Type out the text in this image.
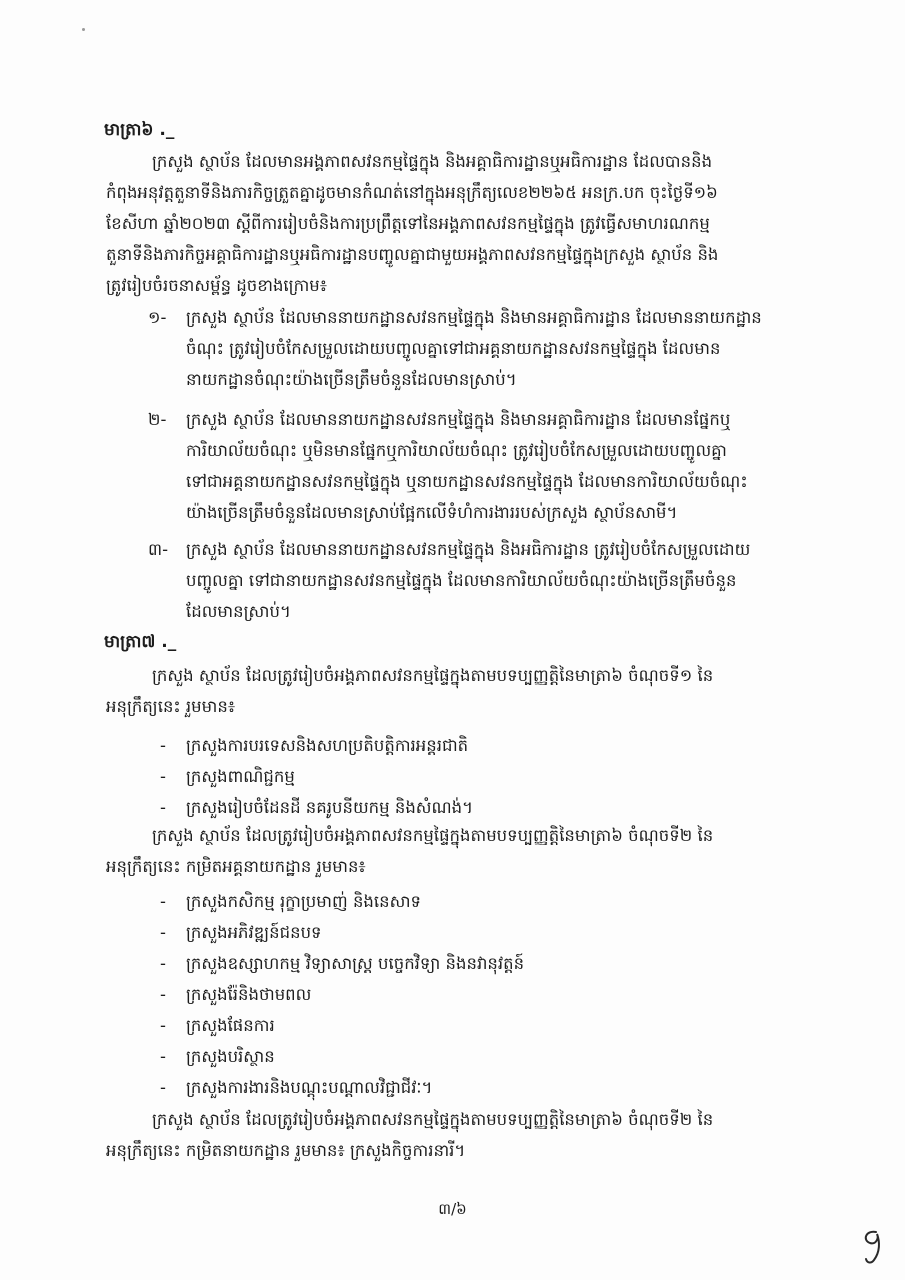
មាត្រា៦ ._
ក្រសួង ស្ថាប័ន ដែលមានអង្គភាពសវនកម្មផ្ទៃក្នុង និងអគ្គាធិការដ្ឋានឬអធិការដ្ឋាន ដែលបាននិង
កំពុងអនុវត្តតួនាទីនិងភារកិច្ចត្រួតគ្នាដូចមានកំណត់នៅក្នុងអនុក្រឹត្យលេខ២២៦៥ អនក្រ.បក ចុះថ្ងៃទី១៦
ខែសីហា ឆ្នាំ២០២៣ ស្តីពីការរៀបចំនិងការប្រព្រឹត្តទៅនៃអង្គភាពសវនកម្មផ្ទៃក្នុង ត្រូវធ្វើសមាហរណកម្ម
តួនាទីនិងភារកិច្ចអគ្គាធិការដ្ឋានឬអធិការដ្ឋានបញ្ចូលគ្នាជាមួយអង្គភាពសវនកម្មផ្ទៃក្នុងក្រសួង ស្ថាប័ន និង
ត្រូវរៀបចំរចនាសម្ព័ន្ធ ដូចខាងក្រោម៖
១- ក្រសួង ស្ថាប័ន ដែលមាននាយកដ្ឋានសវនកម្មផ្ទៃក្នុង និងមានអគ្គាធិការដ្ឋាន ដែលមាននាយកដ្ឋាន
ចំណុះ ត្រូវរៀបចំកែសម្រួលដោយបញ្ចូលគ្នាទៅជាអគ្គនាយកដ្ឋានសវនកម្មផ្ទៃក្នុង ដែលមាន
នាយកដ្ឋានចំណុះយ៉ាងច្រើនត្រឹមចំនួនដែលមានស្រាប់។
២- ក្រសួង ស្ថាប័ន ដែលមាននាយកដ្ឋានសវនកម្មផ្ទៃក្នុង និងមានអគ្គាធិការដ្ឋាន ដែលមានផ្នែកឬ
ការិយាល័យចំណុះ ឬមិនមានផ្នែកឬការិយាល័យចំណុះ ត្រូវរៀបចំកែសម្រួលដោយបញ្ចូលគ្នា
ទៅជាអគ្គនាយកដ្ឋានសវនកម្មផ្ទៃក្នុង ឬនាយកដ្ឋានសវនកម្មផ្ទៃក្នុង ដែលមានការិយាល័យចំណុះ
យ៉ាងច្រើនត្រឹមចំនួនដែលមានស្រាប់ផ្អែកលើទំហំការងាររបស់ក្រសួង ស្ថាប័នសាមី។
៣- ក្រសួង ស្ថាប័ន ដែលមាននាយកដ្ឋានសវនកម្មផ្ទៃក្នុង និងអធិការដ្ឋាន ត្រូវរៀបចំកែសម្រួលដោយ
បញ្ចូលគ្នា ទៅជានាយកដ្ឋានសវនកម្មផ្ទៃក្នុង ដែលមានការិយាល័យចំណុះយ៉ាងច្រើនត្រឹមចំនួន
ដែលមានស្រាប់។
មាត្រា៧ ._
ក្រសួង ស្ថាប័ន ដែលត្រូវរៀបចំអង្គភាពសវនកម្មផ្ទៃក្នុងតាមបទប្បញ្ញត្តិនៃមាត្រា៦ ចំណុចទី១ នៃ
អនុក្រឹត្យនេះ រួមមាន៖
- ក្រសួងការបរទេសនិងសហប្រតិបត្តិការអន្តរជាតិ
- ក្រសួងពាណិជ្ជកម្ម
- ក្រសួងរៀបចំដែនដី នគរូបនីយកម្ម និងសំណង់។
ក្រសួង ស្ថាប័ន ដែលត្រូវរៀបចំអង្គភាពសវនកម្មផ្ទៃក្នុងតាមបទប្បញ្ញត្តិនៃមាត្រា៦ ចំណុចទី២ នៃ
អនុក្រឹត្យនេះ កម្រិតអគ្គនាយកដ្ឋាន រួមមាន៖
- ក្រសួងកសិកម្ម រុក្ខាប្រមាញ់ និងនេសាទ
- ក្រសួងអភិវឌ្ឍន៍ជនបទ
- ក្រសួងឧស្សាហកម្ម វិទ្យាសាស្ត្រ បច្ចេកវិទ្យា និងនវានុវត្តន៍
- ក្រសួងរ៉ែនិងថាមពល
- ក្រសួងផែនការ
- ក្រសួងបរិស្ថាន
- ក្រសួងការងារនិងបណ្តុះបណ្តាលវិជ្ជាជីវៈ។
ក្រសួង ស្ថាប័ន ដែលត្រូវរៀបចំអង្គភាពសវនកម្មផ្ទៃក្នុងតាមបទប្បញ្ញត្តិនៃមាត្រា៦ ចំណុចទី២ នៃ
អនុក្រឹត្យនេះ កម្រិតនាយកដ្ឋាន រួមមាន៖ ក្រសួងកិច្ចការនារី។
៣/៦
